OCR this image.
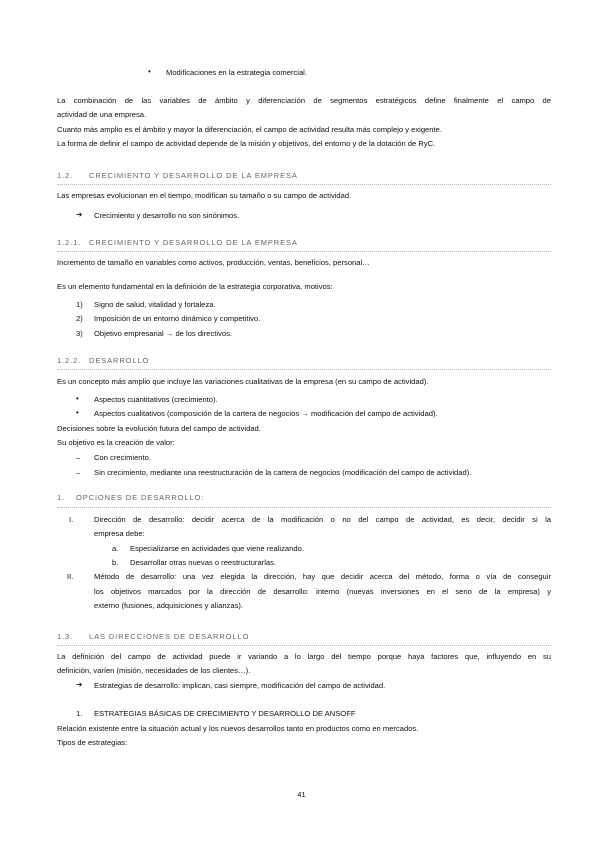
• Modificaciones en la estrategia comercial.
La combinación de las variables de ámbito y diferenciación de segmentos estratégicos define finalmente el campo de
actividad de una empresa.
Cuanto más amplio es el ámbito y mayor la diferenciación, el campo de actividad resulta más complejo y exigente.
La forma de definir el campo de actividad depende de la misión y objetivos, del entorno y de la dotación de RyC.
1.2. CRECIMIENTO Y DESARROLLO DE LA EMPRESA
Las empresas evolucionan en el tiempo, modifican su tamaño o su campo de actividad.
➔ Crecimiento y desarrollo no son sinónimos.
1.2.1. CRECIMIENTO Y DESARROLLO DE LA EMPRESA
Incremento de tamaño en variables como activos, producción, ventas, beneficios, personal…
Es un elemento fundamental en la definición de la estrategia corporativa, motivos:
1) Signo de salud, vitalidad y fortaleza.
2) Imposición de un entorno dinámico y competitivo.
3) Objetivo empresarial → de los directivos.
1.2.2. DESARROLLO
Es un concepto más amplio que incluye las variaciones cualitativas de la empresa (en su campo de actividad).
• Aspectos cuantitativos (crecimiento).
• Aspectos cualitativos (composición de la cartera de negocios → modificación del campo de actividad).
Decisiones sobre la evolución futura del campo de actividad.
Su objetivo es la creación de valor:
– Con crecimiento.
– Sin crecimiento, mediante una reestructuración de la cartera de negocios (modificación del campo de actividad).
1. OPCIONES DE DESARROLLO:
I.	Dirección de desarrollo: decidir acerca de la modificación o no del campo de actividad, es decir, decidir si la
empresa debe:
a. Especializarse en actividades que viene realizando.
b. Desarrollar otras nuevas o reestructurarlas.
II.	Método de desarrollo: una vez elegida la dirección, hay que decidir acerca del método, forma o vía de conseguir
los objetivos marcados por la dirección de desarrollo: interno (nuevas inversiones en el seno de la empresa) y
externo (fusiones, adquisiciones y alianzas).
1.3. LAS DIRECCIONES DE DESARROLLO
La definición del campo de actividad puede ir variando a lo largo del tiempo porque haya factores que, influyendo en su
definición, varíen (misión, necesidades de los clientes…).
➔ Estrategias de desarrollo: implican, casi siempre, modificación del campo de actividad.
1. ESTRATEGIAS BÁSICAS DE CRECIMIENTO Y DESARROLLO DE ANSOFF
Relación existente entre la situación actual y los nuevos desarrollos tanto en productos como en mercados.
Tipos de estrategias:
41
